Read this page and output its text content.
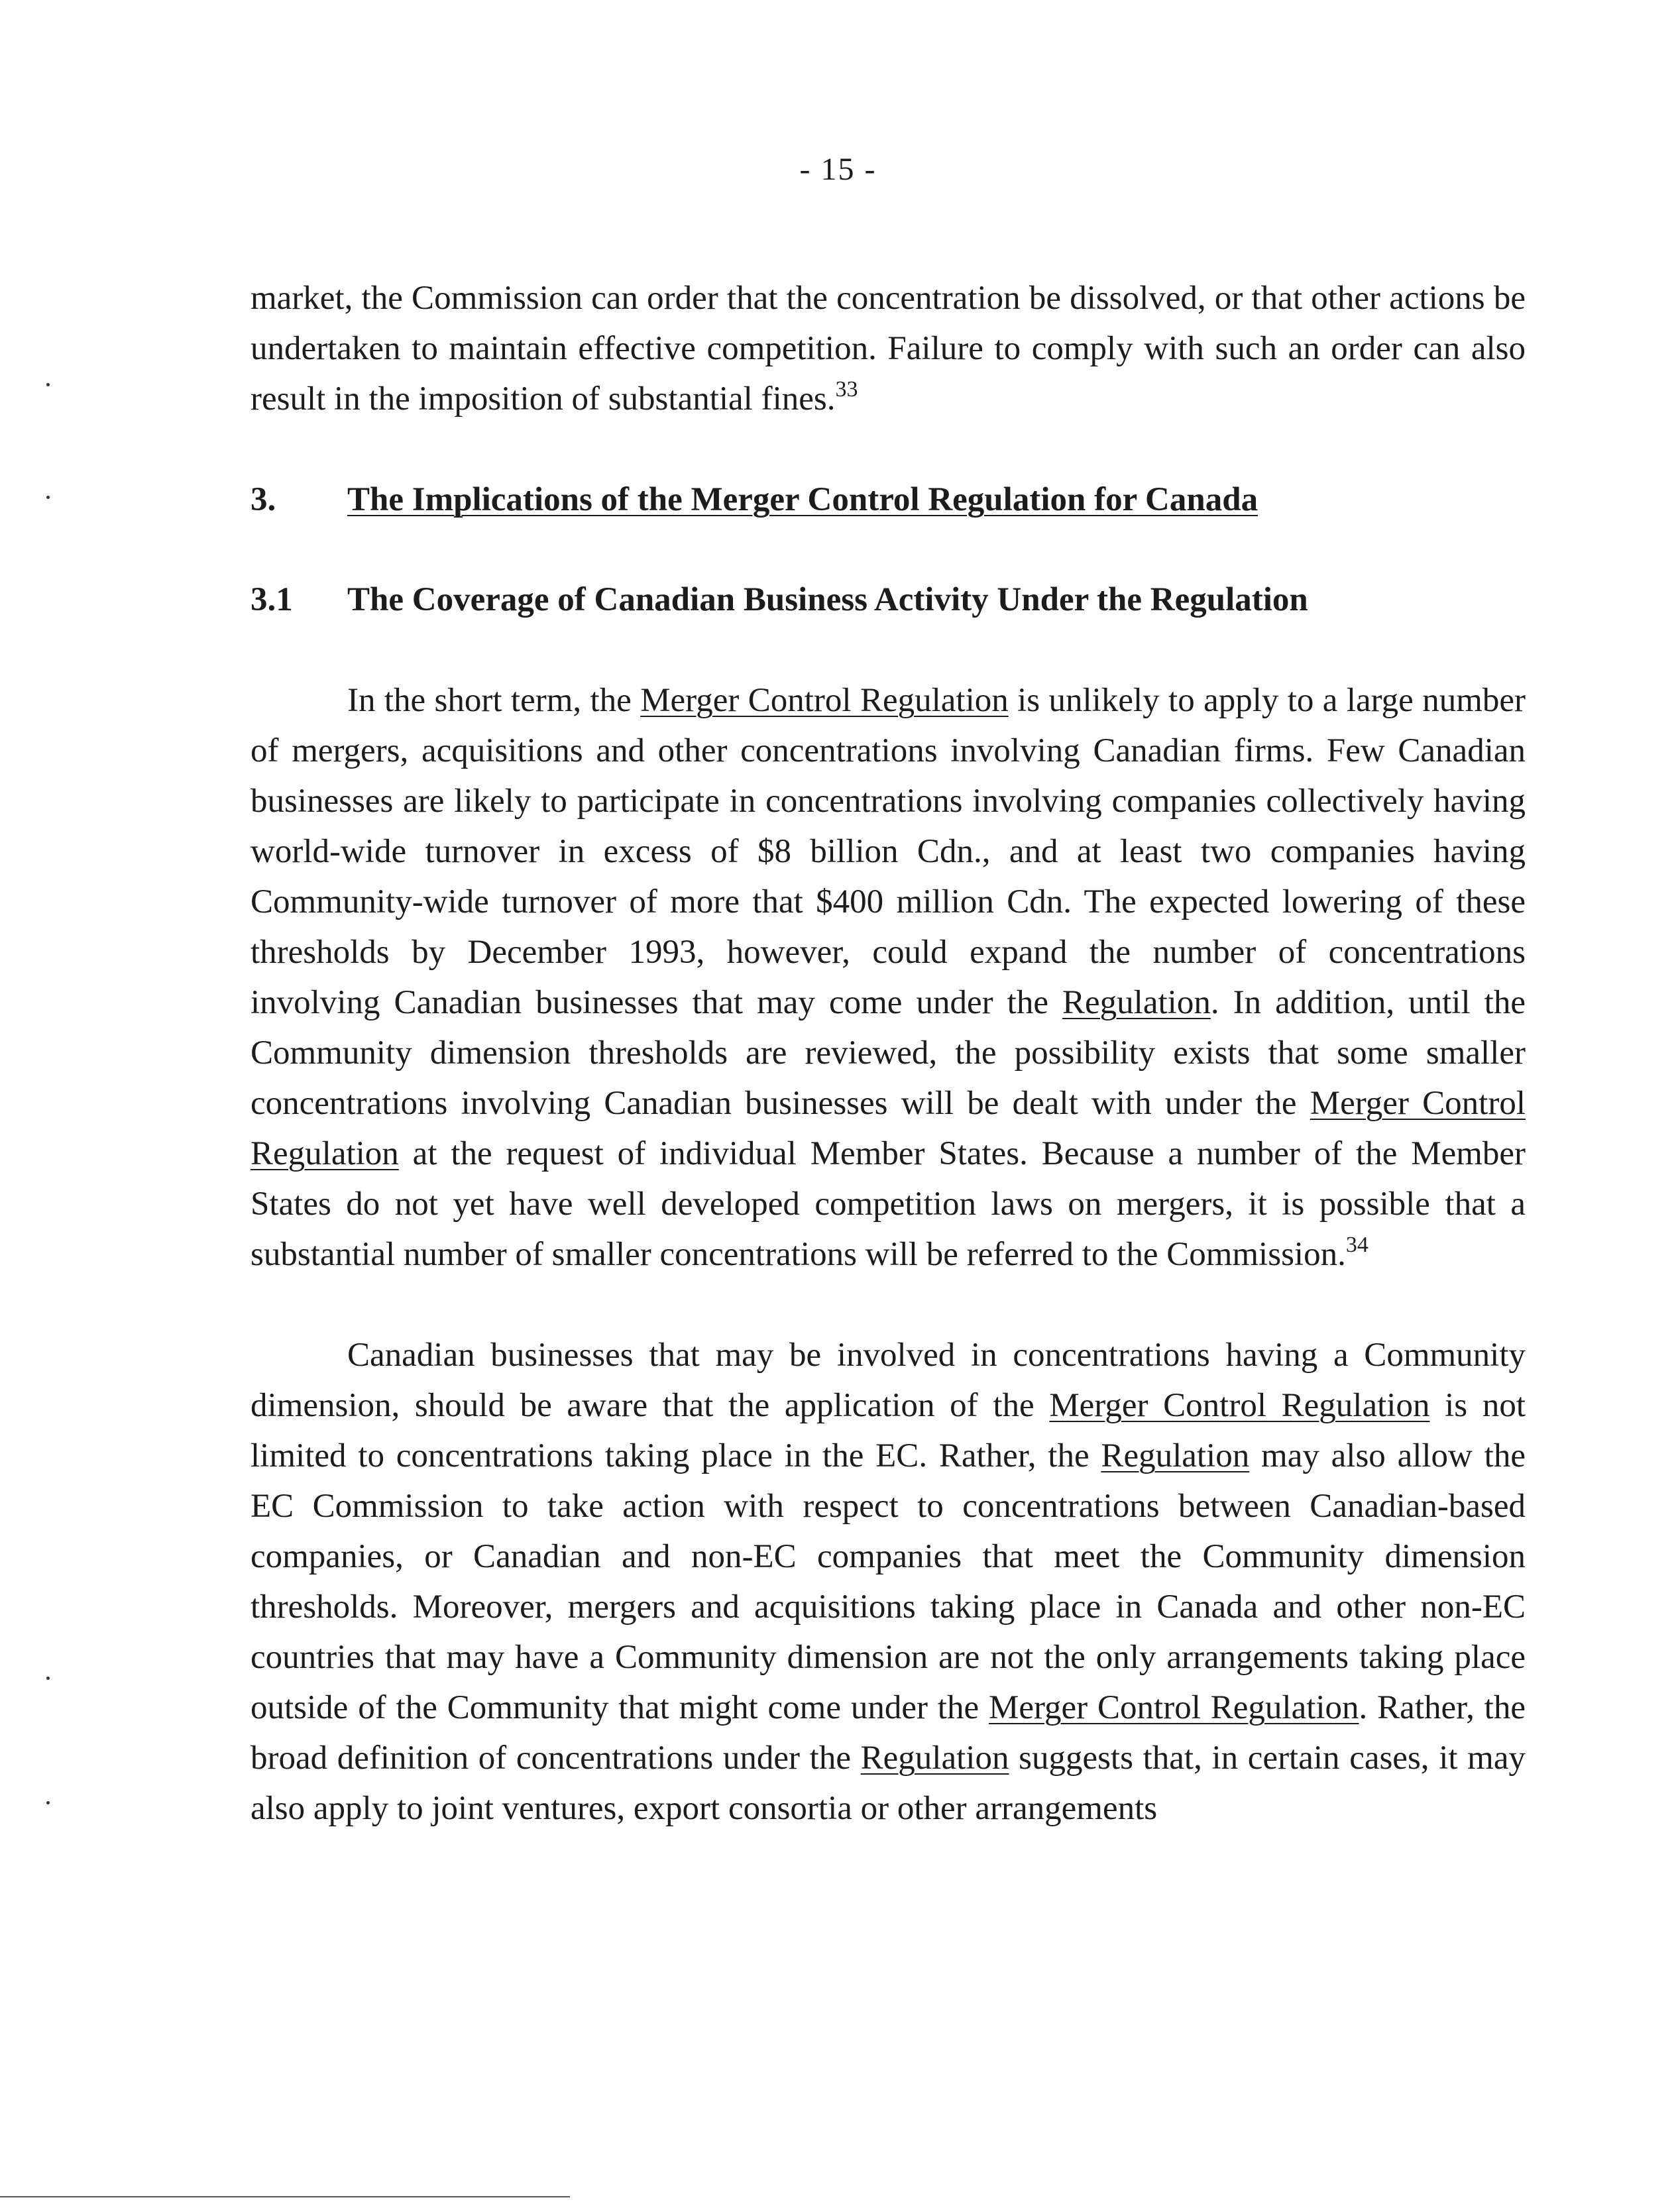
- 15 -

market, the Commission can order that the concentration be dissolved, or that other actions be undertaken to maintain effective competition. Failure to comply with such an order can also result in the imposition of substantial fines.$^{33}$

3.	The Implications of the Merger Control Regulation for Canada
3.1	The Coverage of Canadian Business Activity Under the Regulation

In the short term, the Merger Control Regulation is unlikely to apply to a large number of mergers, acquisitions and other concentrations involving Canadian firms. Few Canadian businesses are likely to participate in concentrations involving companies collectively having world-wide turnover in excess of $8 billion Cdn., and at least two companies having Community-wide turnover of more that $400 million Cdn. The expected lowering of these thresholds by December 1993, however, could expand the number of concentrations involving Canadian businesses that may come under the Regulation. In addition, until the Community dimension thresholds are reviewed, the possibility exists that some smaller concentrations involving Canadian businesses will be dealt with under the Merger Control Regulation at the request of individual Member States. Because a number of the Member States do not yet have well developed competition laws on mergers, it is possible that a substantial number of smaller concentrations will be referred to the Commission.$^{34}$

Canadian businesses that may be involved in concentrations having a Community dimension, should be aware that the application of the Merger Control Regulation is not limited to concentrations taking place in the EC. Rather, the Regulation may also allow the EC Commission to take action with respect to concentrations between Canadian-based companies, or Canadian and non-EC companies that meet the Community dimension thresholds. Moreover, mergers and acquisitions taking place in Canada and other non-EC countries that may have a Community dimension are not the only arrangements taking place outside of the Community that might come under the Merger Control Regulation. Rather, the broad definition of concentrations under the Regulation suggests that, in certain cases, it may also apply to joint ventures, export consortia or other arrangements
